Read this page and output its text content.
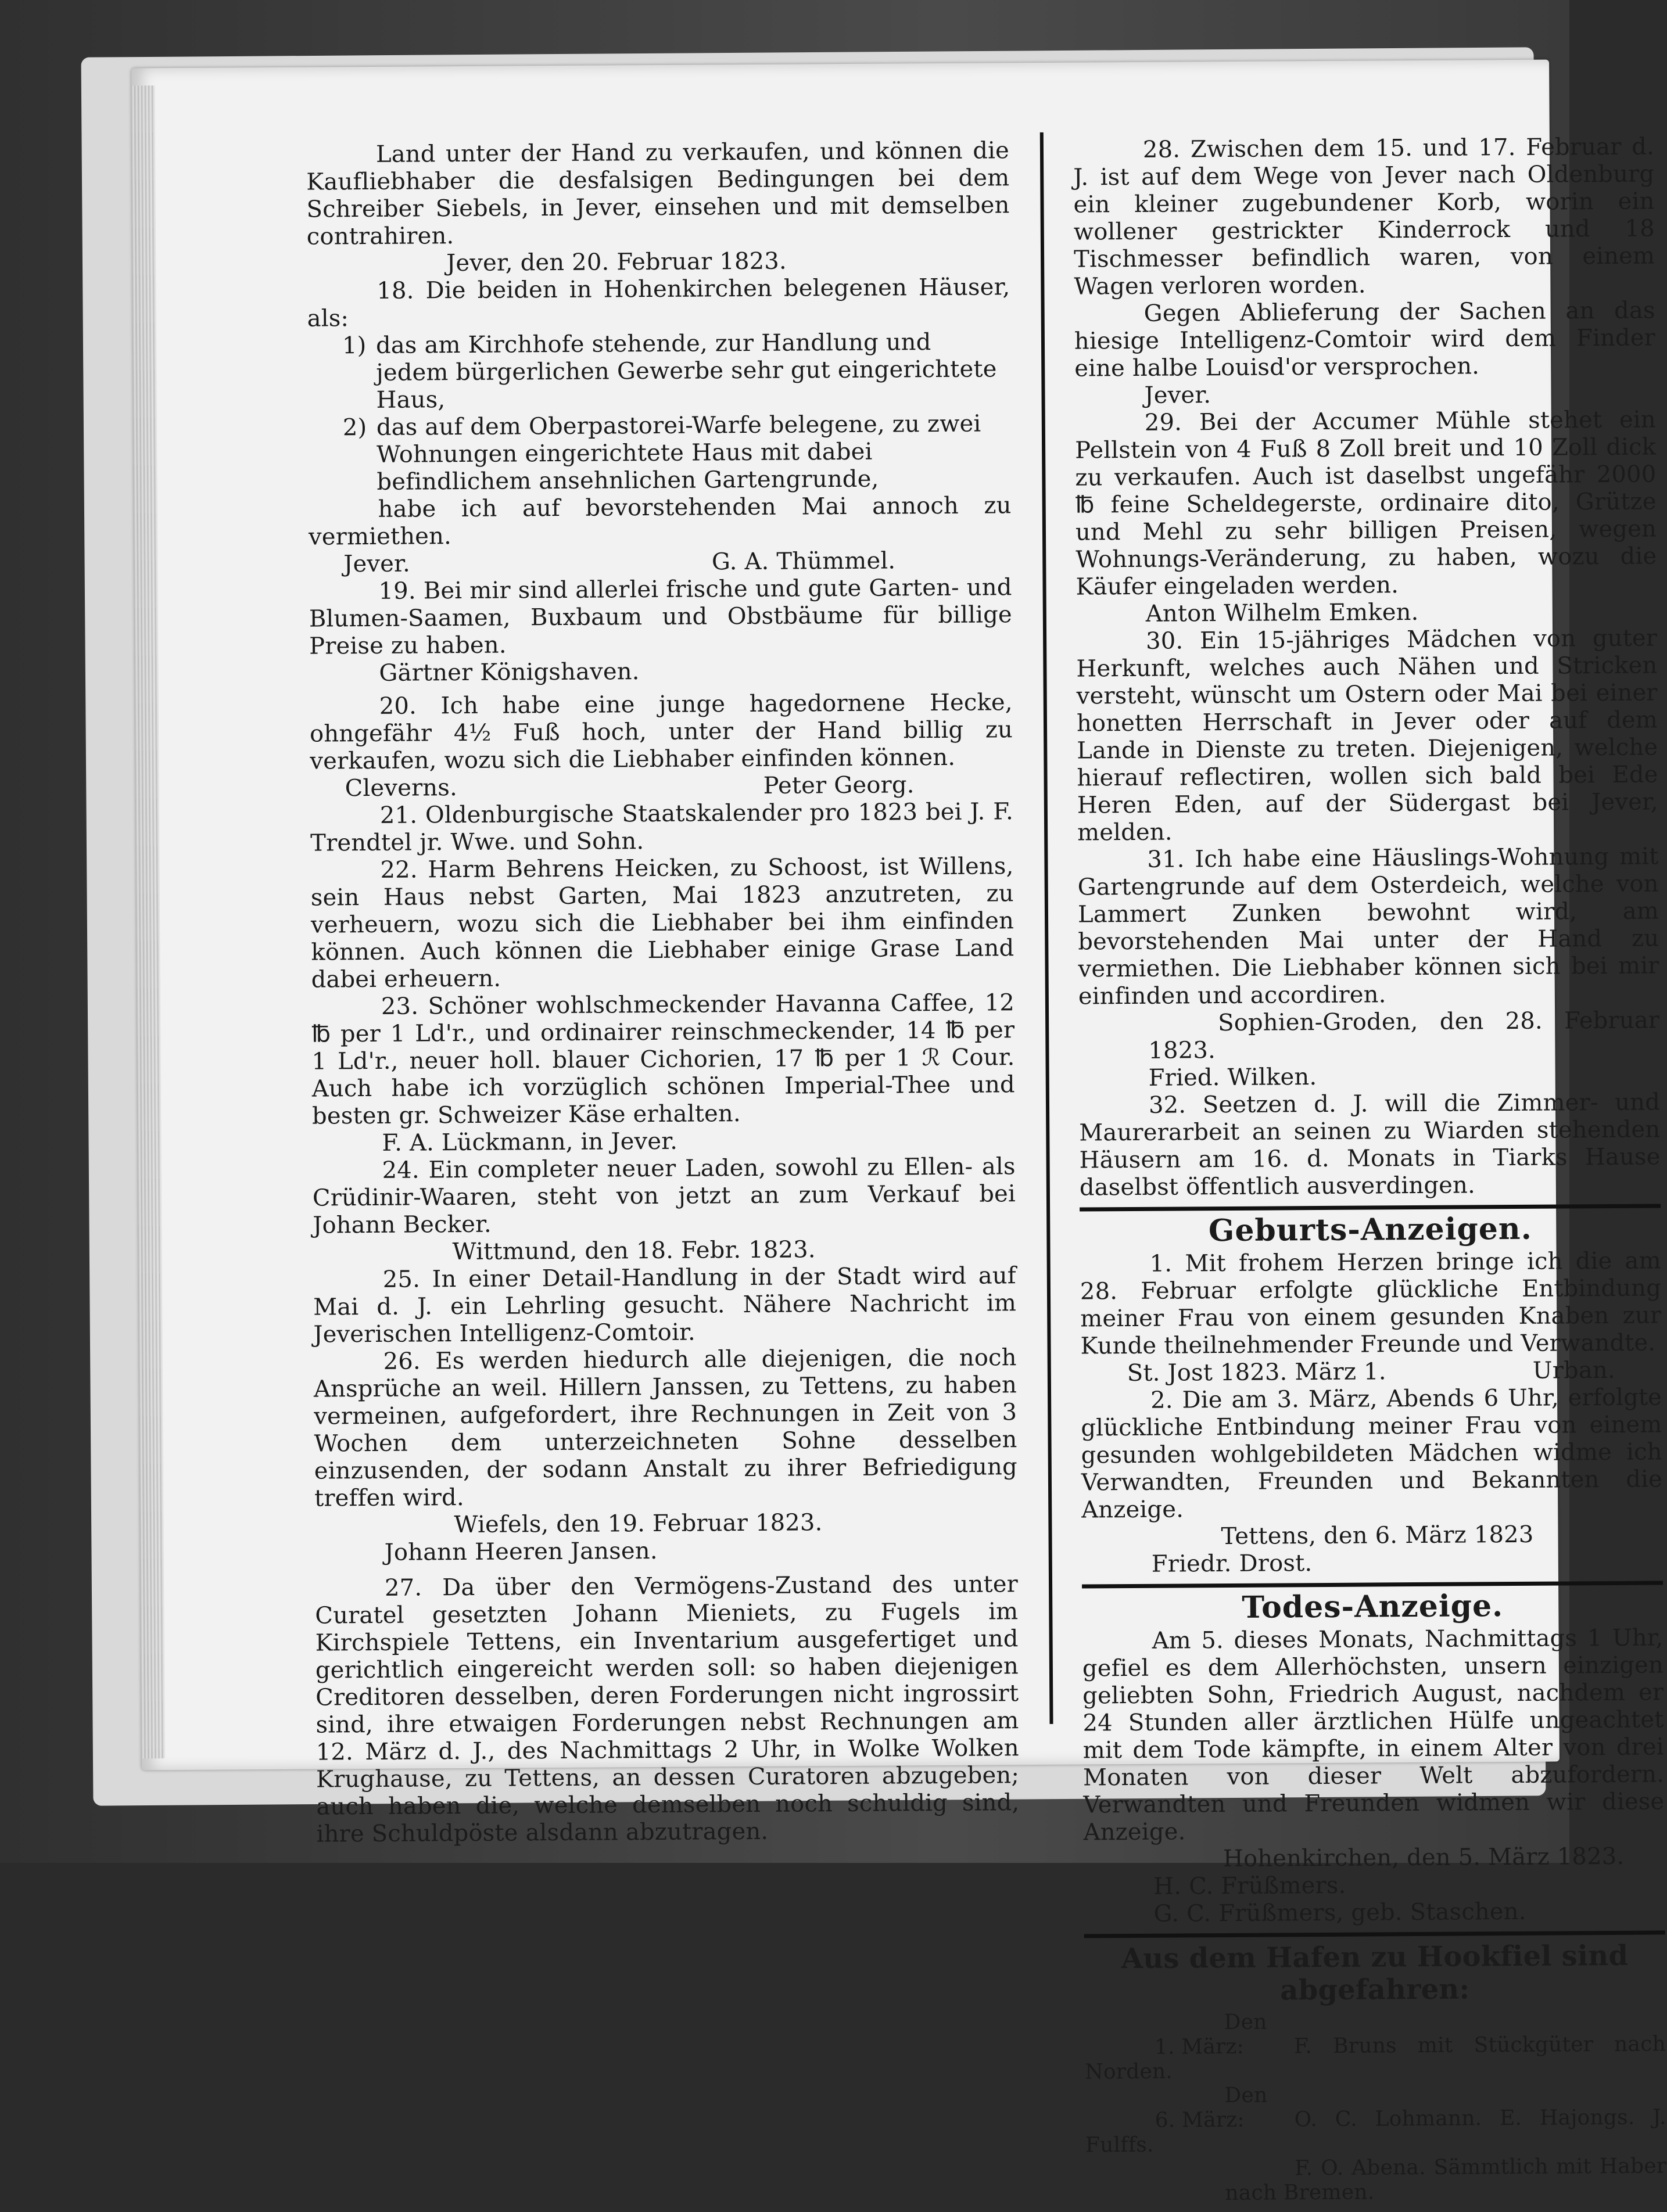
Land unter der Hand zu verkaufen, und können die Kaufliebhaber die desfalsigen Bedingungen bei dem Schreiber Siebels, in Jever, einsehen und mit demselben contrahiren.

Jever, den 20. Februar 1823.

18. Die beiden in Hohenkirchen belegenen Häuser, als:

1) das am Kirchhofe stehende, zur Handlung und jedem bürgerlichen Gewerbe sehr gut eingerichtete Haus,
2) das auf dem Oberpastorei-Warfe belegene, zu zwei Wohnungen eingerichtete Haus mit dabei befindlichem ansehnlichen Gartengrunde,

habe ich auf bevorstehenden Mai annoch zu vermiethen.

Jever.	G. A. Thümmel.

19. Bei mir sind allerlei frische und gute Garten- und Blumen-Saamen, Buxbaum und Obstbäume für billige Preise zu haben.

Gärtner Königshaven.

20. Ich habe eine junge hagedornene Hecke, ohngefähr 4½ Fuß hoch, unter der Hand billig zu verkaufen, wozu sich die Liebhaber einfinden können.

Cleverns.	Peter Georg.

21. Oldenburgische Staatskalender pro 1823 bei J. F. Trendtel jr. Wwe. und Sohn.

22. Harm Behrens Heicken, zu Schoost, ist Willens, sein Haus nebst Garten, Mai 1823 anzutreten, zu verheuern, wozu sich die Liebhaber bei ihm einfinden können. Auch können die Liebhaber einige Grase Land dabei erheuern.

23. Schöner wohlschmeckender Havanna Caffee, 12 ℔ per 1 Ld'r., und ordinairer reinschmeckender, 14 ℔ per 1 Ld'r., neuer holl. blauer Cichorien, 17 ℔ per 1 ℛ Cour. Auch habe ich vorzüglich schönen Imperial-Thee und besten gr. Schweizer Käse erhalten.

F. A. Lückmann, in Jever.

24. Ein completer neuer Laden, sowohl zu Ellen- als Crüdinir-Waaren, steht von jetzt an zum Verkauf bei Johann Becker.

Wittmund, den 18. Febr. 1823.

25. In einer Detail-Handlung in der Stadt wird auf Mai d. J. ein Lehrling gesucht. Nähere Nachricht im Jeverischen Intelligenz-Comtoir.

26. Es werden hiedurch alle diejenigen, die noch Ansprüche an weil. Hillern Janssen, zu Tettens, zu haben vermeinen, aufgefordert, ihre Rechnungen in Zeit von 3 Wochen dem unterzeichneten Sohne desselben einzusenden, der sodann Anstalt zu ihrer Befriedigung treffen wird.

Wiefels, den 19. Februar 1823.

Johann Heeren Jansen.

27. Da über den Vermögens-Zustand des unter Curatel gesetzten Johann Mieniets, zu Fugels im Kirchspiele Tettens, ein Inventarium ausgefertiget und gerichtlich eingereicht werden soll: so haben diejenigen Creditoren desselben, deren Forderungen nicht ingrossirt sind, ihre etwaigen Forderungen nebst Rechnungen am 12. März d. J., des Nachmittags 2 Uhr, in Wolke Wolken Krughause, zu Tettens, an dessen Curatoren abzugeben; auch haben die, welche demselben noch schuldig sind, ihre Schuldpöste alsdann abzutragen.

28. Zwischen dem 15. und 17. Februar d. J. ist auf dem Wege von Jever nach Oldenburg ein kleiner zugebundener Korb, worin ein wollener gestrickter Kinderrock und 18 Tischmesser befindlich waren, von einem Wagen verloren worden.

Gegen Ablieferung der Sachen an das hiesige Intelligenz-Comtoir wird dem Finder eine halbe Louisd'or versprochen.

Jever.

29. Bei der Accumer Mühle stehet ein Pellstein von 4 Fuß 8 Zoll breit und 10 Zoll dick zu verkaufen. Auch ist daselbst ungefähr 2000 ℔ feine Scheldegerste, ordinaire dito, Grütze und Mehl zu sehr billigen Preisen, wegen Wohnungs-Veränderung, zu haben, wozu die Käufer eingeladen werden.

Anton Wilhelm Emken.

30. Ein 15-jähriges Mädchen von guter Herkunft, welches auch Nähen und Stricken versteht, wünscht um Ostern oder Mai bei einer honetten Herrschaft in Jever oder auf dem Lande in Dienste zu treten. Diejenigen, welche hierauf reflectiren, wollen sich bald bei Ede Heren Eden, auf der Südergast bei Jever, melden.

31. Ich habe eine Häuslings-Wohnung mit Gartengrunde auf dem Osterdeich, welche von Lammert Zunken bewohnt wird, am bevorstehenden Mai unter der Hand zu vermiethen. Die Liebhaber können sich bei mir einfinden und accordiren.

Sophien-Groden, den 28. Februar 1823.

Fried. Wilken.

32. Seetzen d. J. will die Zimmer- und Maurerarbeit an seinen zu Wiarden stehenden Häusern am 16. d. Monats in Tiarks Hause daselbst öffentlich ausverdingen.

Geburts-Anzeigen.

1. Mit frohem Herzen bringe ich die am 28. Februar erfolgte glückliche Entbindung meiner Frau von einem gesunden Knaben zur Kunde theilnehmender Freunde und Verwandte.

St. Jost 1823. März 1.	Urban.

2. Die am 3. März, Abends 6 Uhr, erfolgte glückliche Entbindung meiner Frau von einem gesunden wohlgebildeten Mädchen widme ich Verwandten, Freunden und Bekannten die Anzeige.

Tettens, den 6. März 1823

Friedr. Drost.

Todes-Anzeige.

Am 5. dieses Monats, Nachmittags 1 Uhr, gefiel es dem Allerhöchsten, unsern einzigen geliebten Sohn, Friedrich August, nachdem er 24 Stunden aller ärztlichen Hülfe ungeachtet mit dem Tode kämpfte, in einem Alter von drei Monaten von dieser Welt abzufordern. Verwandten und Freunden widmen wir diese Anzeige.

Hohenkirchen, den 5. März 1823.

H. C. Früßmers.

G. C. Früßmers, geb. Staschen.

Aus dem Hafen zu Hookfiel sind abgefahren:

Den 1. März: F. Bruns mit Stückgüter nach Norden.

Den 6. März: O. C. Lohmann. E. Hajongs. J. Fulffs.

F. O. Abena. Sämmtlich mit Haber nach Bremen.
